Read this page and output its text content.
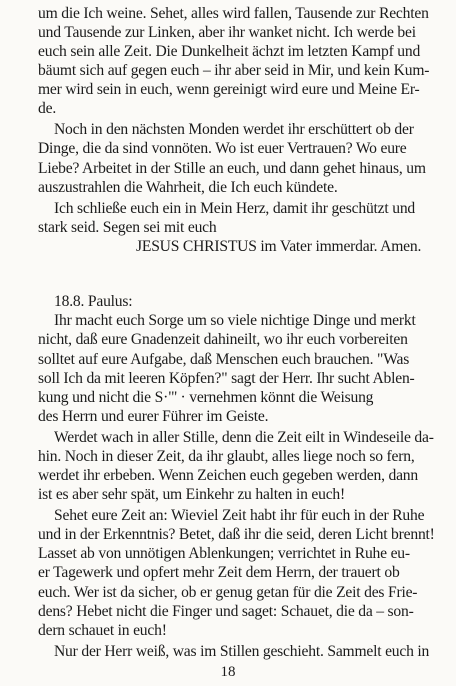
um die Ich weine. Sehet, alles wird fallen, Tausende zur Rechten
und Tausende zur Linken, aber ihr wanket nicht. Ich werde bei
euch sein alle Zeit. Die Dunkelheit ächzt im letzten Kampf und
bäumt sich auf gegen euch – ihr aber seid in Mir, und kein Kum-
mer wird sein in euch, wenn gereinigt wird eure und Meine Er-
de.
Noch in den nächsten Monden werdet ihr erschüttert ob der
Dinge, die da sind vonnöten. Wo ist euer Vertrauen? Wo eure
Liebe? Arbeitet in der Stille an euch, und dann gehet hinaus, um
auszustrahlen die Wahrheit, die Ich euch kündete.
Ich schließe euch ein in Mein Herz, damit ihr geschützt und
stark seid. Segen sei mit euch
JESUS CHRISTUS im Vater immerdar. Amen.
18.8. Paulus:
Ihr macht euch Sorge um so viele nichtige Dinge und merkt
nicht, daß eure Gnadenzeit dahineilt, wo ihr euch vorbereiten
solltet auf eure Aufgabe, daß Menschen euch brauchen. "Was
soll Ich da mit leeren Köpfen?" sagt der Herr. Ihr sucht Ablen-
kung und nicht die S·"' · vernehmen könnt die Weisung
des Herrn und eurer Führer im Geiste.
Werdet wach in aller Stille, denn die Zeit eilt in Windeseile da-
hin. Noch in dieser Zeit, da ihr glaubt, alles liege noch so fern,
werdet ihr erbeben. Wenn Zeichen euch gegeben werden, dann
ist es aber sehr spät, um Einkehr zu halten in euch!
Sehet eure Zeit an: Wieviel Zeit habt ihr für euch in der Ruhe
und in der Erkenntnis? Betet, daß ihr die seid, deren Licht brennt!
Lasset ab von unnötigen Ablenkungen; verrichtet in Ruhe eu-
er Tagewerk und opfert mehr Zeit dem Herrn, der trauert ob
euch. Wer ist da sicher, ob er genug getan für die Zeit des Frie-
dens? Hebet nicht die Finger und saget: Schauet, die da – son-
dern schauet in euch!
Nur der Herr weiß, was im Stillen geschieht. Sammelt euch in
18
